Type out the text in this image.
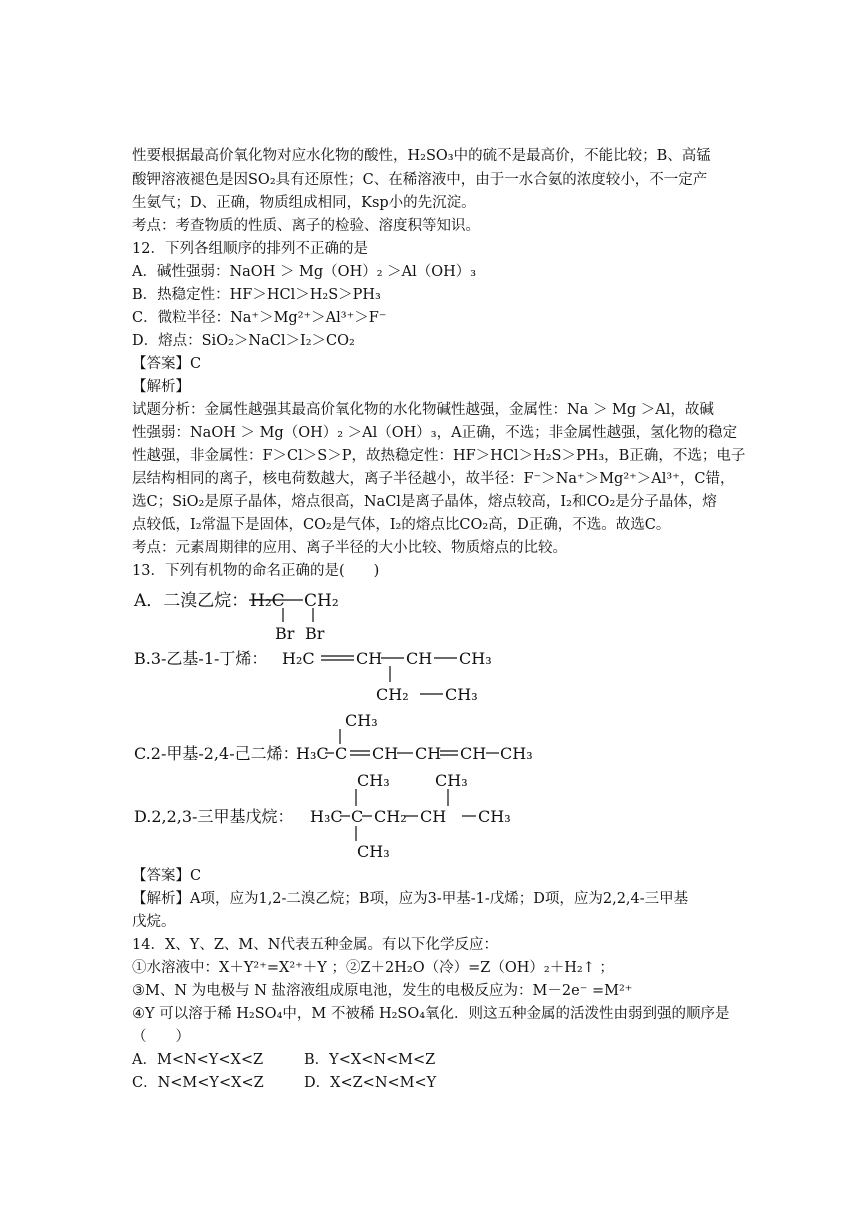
性要根据最高价氧化物对应水化物的酸性，H₂SO₃中的硫不是最高价，不能比较；B、高锰
酸钾溶液褪色是因SO₂具有还原性；C、在稀溶液中，由于一水合氨的浓度较小，不一定产
生氨气；D、正确，物质组成相同，Ksp小的先沉淀。
考点：考查物质的性质、离子的检验、溶度积等知识。
12．下列各组顺序的排列不正确的是
A．碱性强弱：NaOH ＞ Mg（OH）₂ ＞Al（OH）₃
B．热稳定性：HF＞HCl＞H₂S＞PH₃
C．微粒半径：Na⁺＞Mg²⁺＞Al³⁺＞F⁻
D．熔点：SiO₂＞NaCl＞I₂＞CO₂
【答案】C
【解析】
试题分析：金属性越强其最高价氧化物的水化物碱性越强，金属性：Na ＞ Mg ＞Al，故碱
性强弱：NaOH ＞ Mg（OH）₂ ＞Al（OH）₃，A正确，不选；非金属性越强，氢化物的稳定
性越强，非金属性：F＞Cl＞S＞P，故热稳定性：HF＞HCl＞H₂S＞PH₃，B正确，不选；电子
层结构相同的离子，核电荷数越大，离子半径越小，故半径：F⁻＞Na⁺＞Mg²⁺＞Al³⁺，C错，
选C；SiO₂是原子晶体，熔点很高，NaCl是离子晶体，熔点较高，I₂和CO₂是分子晶体，熔
点较低，I₂常温下是固体，CO₂是气体，I₂的熔点比CO₂高，D正确，不选。故选C。
考点：元素周期律的应用、离子半径的大小比较、物质熔点的比较。
13．下列有机物的命名正确的是(　　)
A．二溴乙烷： H₂C CH₂
Br Br
B.3-乙基-1-丁烯： H₂C	CH CH CH₃
CH₂ CH₃
CH₃
C.2-甲基-2,4-己二烯：
H₃C C CH CH CH CH₃
CH₃	CH₃
D.2,2,3-三甲基戊烷： H₃C C CH₂ CH CH₃
CH₃
【答案】C
【解析】A项，应为1,2-二溴乙烷；B项，应为3-甲基-1-戊烯；D项，应为2,2,4-三甲基
戊烷。
14．X、Y、Z、M、N代表五种金属。有以下化学反应：
①水溶液中：X＋Y²⁺=X²⁺＋Y ；②Z＋2H₂O（冷）=Z（OH）₂＋H₂↑ ；
③M、N 为电极与 N 盐溶液组成原电池，发生的电极反应为：M－2e⁻ =M²⁺
④Y 可以溶于稀 H₂SO₄中，M 不被稀 H₂SO₄氧化．则这五种金属的活泼性由弱到强的顺序是
（　　）
A．M<N<Y<X<Z	B．Y<X<N<M<Z
C．N<M<Y<X<Z	D．X<Z<N<M<Y
